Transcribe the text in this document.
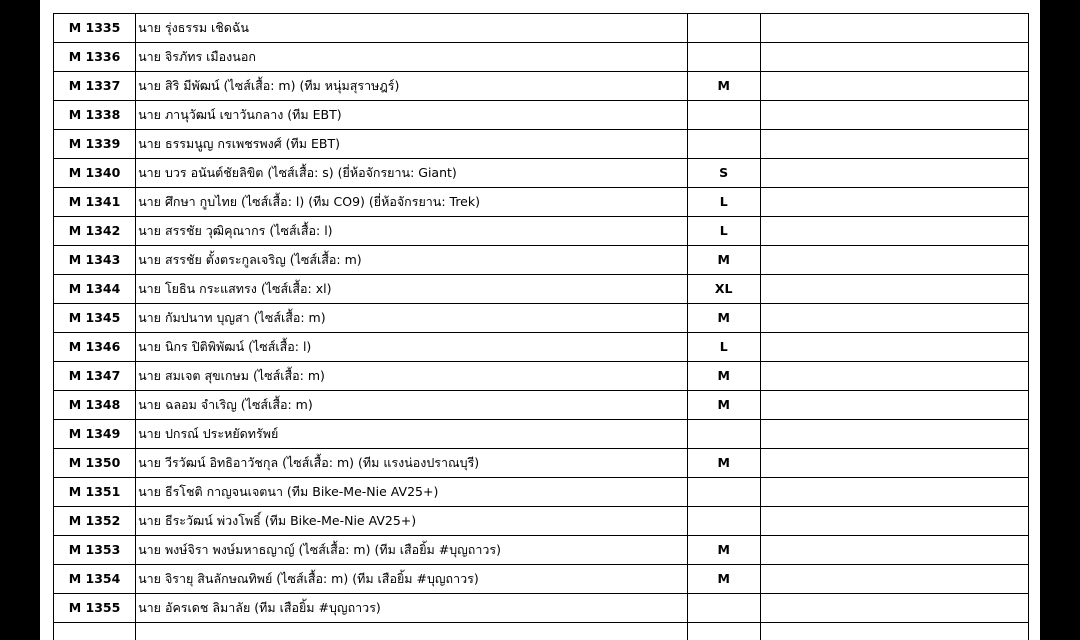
M 1335	นาย รุ่งธรรม เชิดฉัน		
M 1336	นาย จิรภัทร เมืองนอก		
M 1337	นาย สิริ มีพัฒน์ (ไซส์เสื้อ: m) (ทีม หนุ่มสุราษฎร์)	M	
M 1338	นาย ภานุวัฒน์ เขาวันกลาง (ทีม EBT)		
M 1339	นาย ธรรมนูญ กรเพชรพงศ์ (ทีม EBT)		
M 1340	นาย บวร อนันต์ชัยลิขิต (ไซส์เสื้อ: s) (ยี่ห้อจักรยาน: Giant)	S	
M 1341	นาย ศึกษา กูบไทย (ไซส์เสื้อ: l) (ทีม CO9) (ยี่ห้อจักรยาน: Trek)	L	
M 1342	นาย สรรชัย วุฒิคุณากร (ไซส์เสื้อ: l)	L	
M 1343	นาย สรรชัย ตั้งตระกูลเจริญ (ไซส์เสื้อ: m)	M	
M 1344	นาย โยธิน กระแสทรง (ไซส์เสื้อ: xl)	XL	
M 1345	นาย กัมปนาท บุญสา (ไซส์เสื้อ: m)	M	
M 1346	นาย นิกร ปิติพิพัฒน์ (ไซส์เสื้อ: l)	L	
M 1347	นาย สมเจต สุขเกษม (ไซส์เสื้อ: m)	M	
M 1348	นาย ฉลอม จำเริญ (ไซส์เสื้อ: m)	M	
M 1349	นาย ปกรณ์ ประหยัดทรัพย์		
M 1350	นาย วีรวัฒน์ อิทธิอาวัชกุล (ไซส์เสื้อ: m) (ทีม แรงน่องปราณบุรี)	M	
M 1351	นาย ธีรโชติ กาญจนเจตนา (ทีม Bike-Me-Nie AV25+)		
M 1352	นาย ธีระวัฒน์ พ่วงโพธิ์ (ทีม Bike-Me-Nie AV25+)		
M 1353	นาย พงษ์จิรา พงษ์มหาธญาญ์ (ไซส์เสื้อ: m) (ทีม เสือยิ้ม #บุญถาวร)	M	
M 1354	นาย จิรายุ สินลักษณทิพย์ (ไซส์เสื้อ: m) (ทีม เสือยิ้ม #บุญถาวร)	M	
M 1355	นาย อัครเดช ลิมาลัย (ทีม เสือยิ้ม #บุญถาวร)		
